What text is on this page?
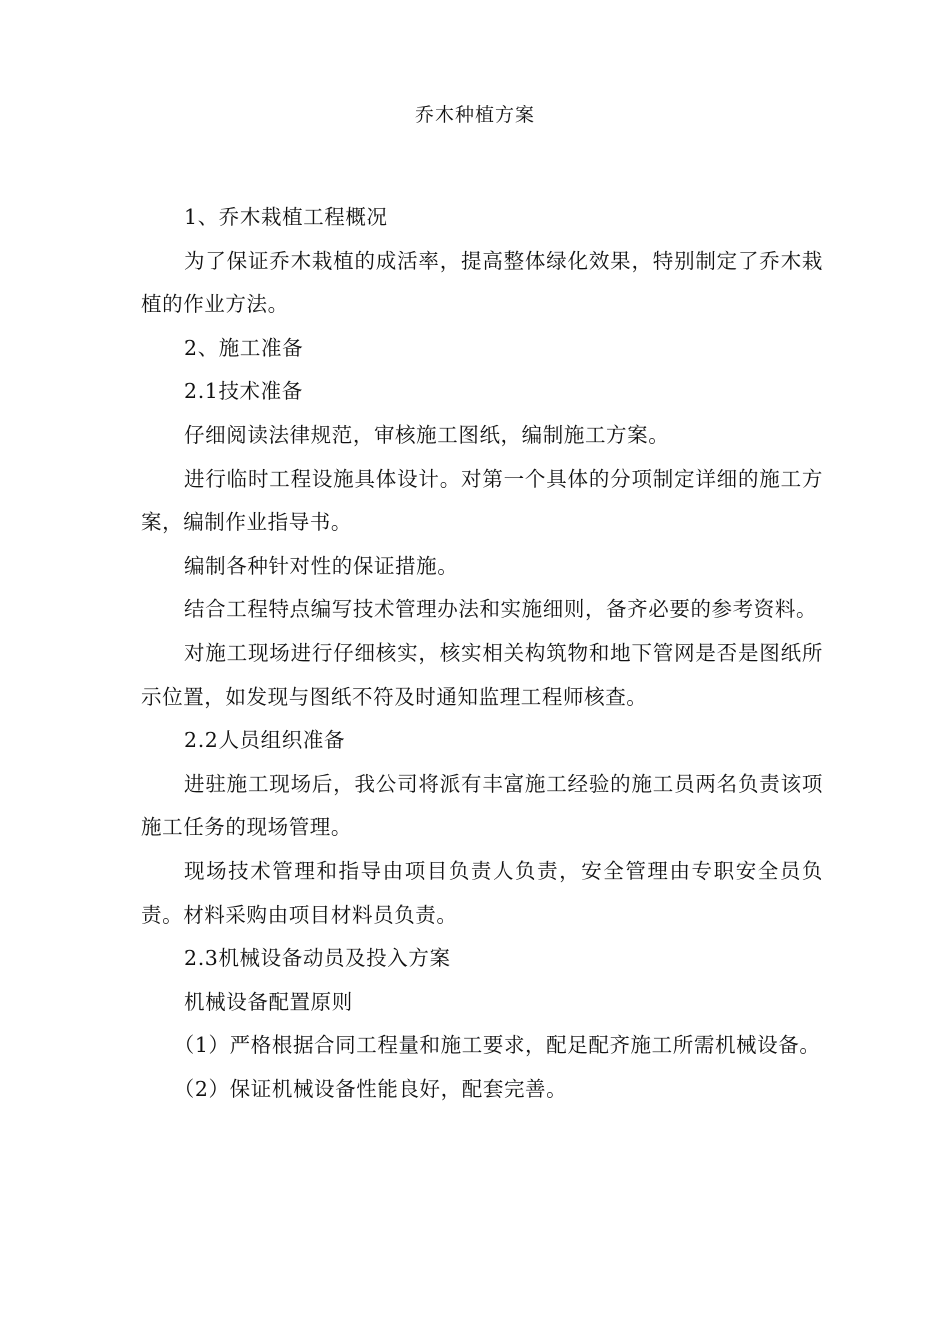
乔木种植方案

1、乔木栽植工程概况

为了保证乔木栽植的成活率，提高整体绿化效果，特别制定了乔木栽植的作业方法。

2、施工准备

2.1技术准备

仔细阅读法律规范，审核施工图纸，编制施工方案。

进行临时工程设施具体设计。对第一个具体的分项制定详细的施工方案，编制作业指导书。

编制各种针对性的保证措施。

结合工程特点编写技术管理办法和实施细则，备齐必要的参考资料。

对施工现场进行仔细核实，核实相关构筑物和地下管网是否是图纸所示位置，如发现与图纸不符及时通知监理工程师核查。

2.2人员组织准备

进驻施工现场后，我公司将派有丰富施工经验的施工员两名负责该项施工任务的现场管理。

现场技术管理和指导由项目负责人负责，安全管理由专职安全员负责。材料采购由项目材料员负责。

2.3机械设备动员及投入方案

机械设备配置原则

（1）严格根据合同工程量和施工要求，配足配齐施工所需机械设备。

（2）保证机械设备性能良好，配套完善。
